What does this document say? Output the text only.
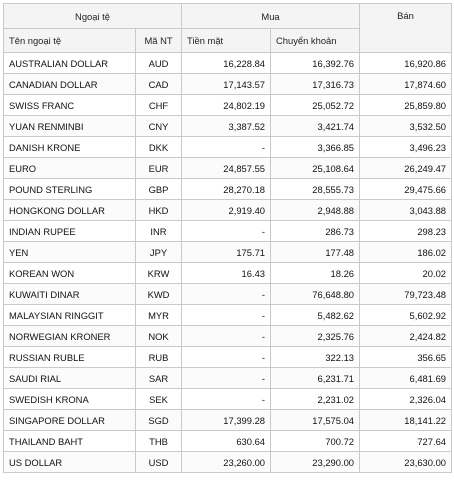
Ngoại tệ		Mua		Bán
Tên ngoại tệ	Mã NT	Tiền mặt	Chuyển khoản	
AUSTRALIAN DOLLAR	AUD	16,228.84	16,392.76	16,920.86
CANADIAN DOLLAR	CAD	17,143.57	17,316.73	17,874.60
SWISS FRANC	CHF	24,802.19	25,052.72	25,859.80
YUAN RENMINBI	CNY	3,387.52	3,421.74	3,532.50
DANISH KRONE	DKK	-	3,366.85	3,496.23
EURO	EUR	24,857.55	25,108.64	26,249.47
POUND STERLING	GBP	28,270.18	28,555.73	29,475.66
HONGKONG DOLLAR	HKD	2,919.40	2,948.88	3,043.88
INDIAN RUPEE	INR	-	286.73	298.23
YEN	JPY	175.71	177.48	186.02
KOREAN WON	KRW	16.43	18.26	20.02
KUWAITI DINAR	KWD	-	76,648.80	79,723.48
MALAYSIAN RINGGIT	MYR	-	5,482.62	5,602.92
NORWEGIAN KRONER	NOK	-	2,325.76	2,424.82
RUSSIAN RUBLE	RUB	-	322.13	356.65
SAUDI RIAL	SAR	-	6,231.71	6,481.69
SWEDISH KRONA	SEK	-	2,231.02	2,326.04
SINGAPORE DOLLAR	SGD	17,399.28	17,575.04	18,141.22
THAILAND BAHT	THB	630.64	700.72	727.64
US DOLLAR	USD	23,260.00	23,290.00	23,630.00
